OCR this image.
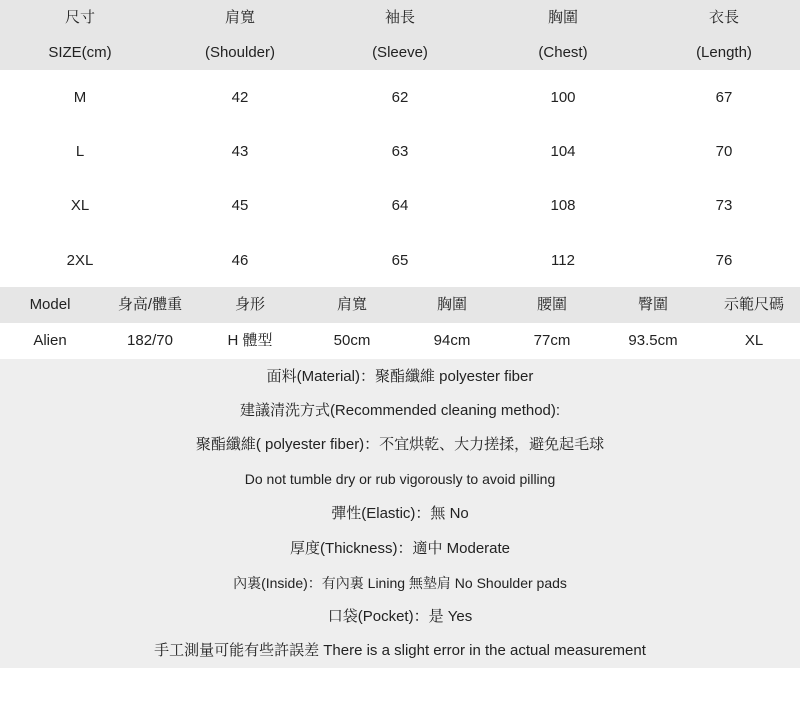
尺寸	肩寬	袖長	胸圍	衣長
SIZE(cm)	(Shoulder)	(Sleeve)	(Chest)	(Length)
M	42	62	100	67
L	43	63	104	70
XL	45	64	108	73
2XL	46	65	112	76
Model	身高/體重	身形	肩寬	胸圍	腰圍	臀圍	示範尺碼
Alien	182/70	H 體型	50cm	94cm	77cm	93.5cm	XL
面料(Material)：聚酯纖維 polyester fiber
建議清洗方式(Recommended cleaning method):
聚酯纖維( polyester fiber)：不宜烘乾、大力搓揉，避免起毛球
Do not tumble dry or rub vigorously to avoid pilling
彈性(Elastic)：無 No
厚度(Thickness)：適中 Moderate
內裏(Inside)：有內裏 Lining 無墊肩 No Shoulder pads
口袋(Pocket)：是 Yes
手工測量可能有些許誤差 There is a slight error in the actual measurement
